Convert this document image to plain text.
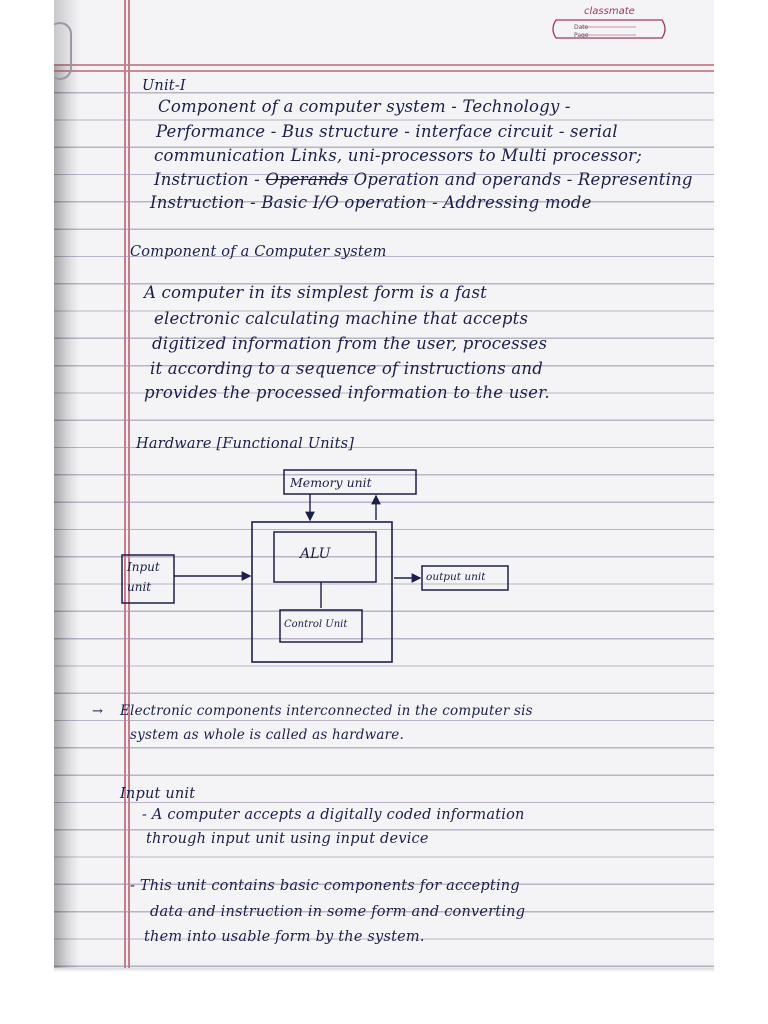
classmate
Date
Page

Unit-I

Component of a computer system - Technology -

Performance - Bus structure - interface circuit - serial

communication Links, uni-processors to Multi processor;

Instruction - Operands Operation and operands - Representing

Instruction - Basic I/O operation - Addressing mode

Component of a Computer system

A computer in its simplest form is a fast

electronic calculating machine that accepts

digitized information from the user, processes

it according to a sequence of instructions and

provides the processed information to the user.

Hardware [Functional Units]

Memory unit
ALU
Control Unit
Input
unit
output unit
→ Electronic components interconnected in the computer sis

system as whole is called as hardware.

Input unit

- A computer accepts a digitally coded information

through input unit using input device

- This unit contains basic components for accepting

data and instruction in some form and converting

them into usable form by the system.
